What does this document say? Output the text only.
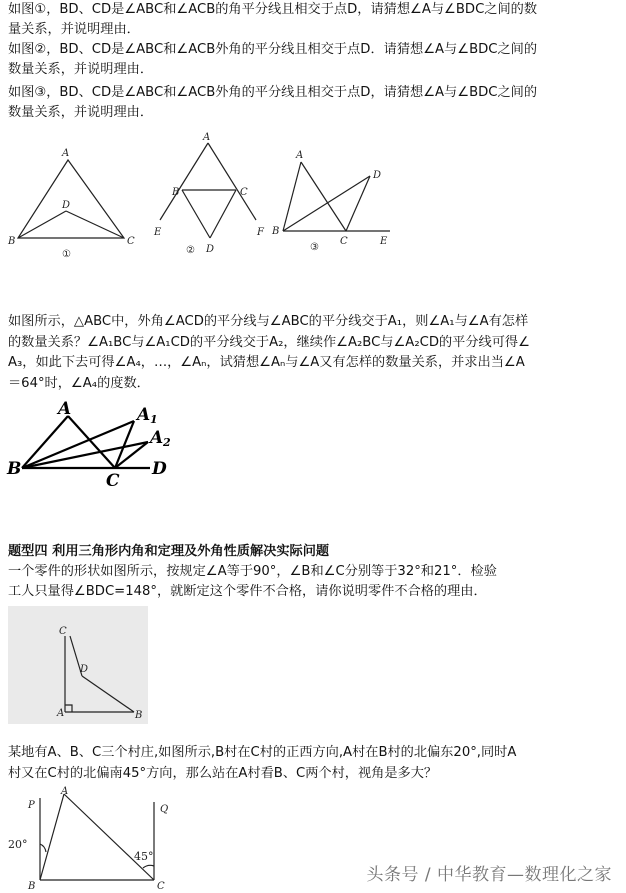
如图①，BD、CD是∠ABC和∠ACB的角平分线且相交于点D，请猜想∠A与∠BDC之间的数
量关系，并说明理由．
如图②，BD、CD是∠ABC和∠ACB外角的平分线且相交于点D．请猜想∠A与∠BDC之间的
数量关系，并说明理由．
如图③，BD、CD是∠ABC和∠ACB外角的平分线且相交于点D，请猜想∠A与∠BDC之间的
数量关系，并说明理由．
A
B	C
D
①
A
B	C
D
E	F
②
A
B
C
D
E
③
如图所示，△ABC中，外角∠ACD的平分线与∠ABC的平分线交于A₁，则∠A₁与∠A有怎样
的数量关系？∠A₁BC与∠A₁CD的平分线交于A₂，继续作∠A₂BC与∠A₂CD的平分线可得∠
A₃，如此下去可得∠A₄，…，∠Aₙ，试猜想∠Aₙ与∠A又有怎样的数量关系，并求出当∠A
＝64°时，∠A₄的度数．
A	A 1
A 2
B
C
D
题型四 利用三角形内角和定理及外角性质解决实际问题
一个零件的形状如图所示，按规定∠A等于90°，∠B和∠C分别等于32°和21°．检验
工人只量得∠BDC=148°，就断定这个零件不合格，请你说明零件不合格的理由．
C
D
A	B
某地有A、B、C三个村庄,如图所示,B村在C村的正西方向,A村在B村的北偏东20°,同时A
村又在C村的北偏南45°方向，那么站在A村看B、C两个村，视角是多大？
P	Q
A
B	C
20°
45°
头条号 / 中华教育—数理化之家
